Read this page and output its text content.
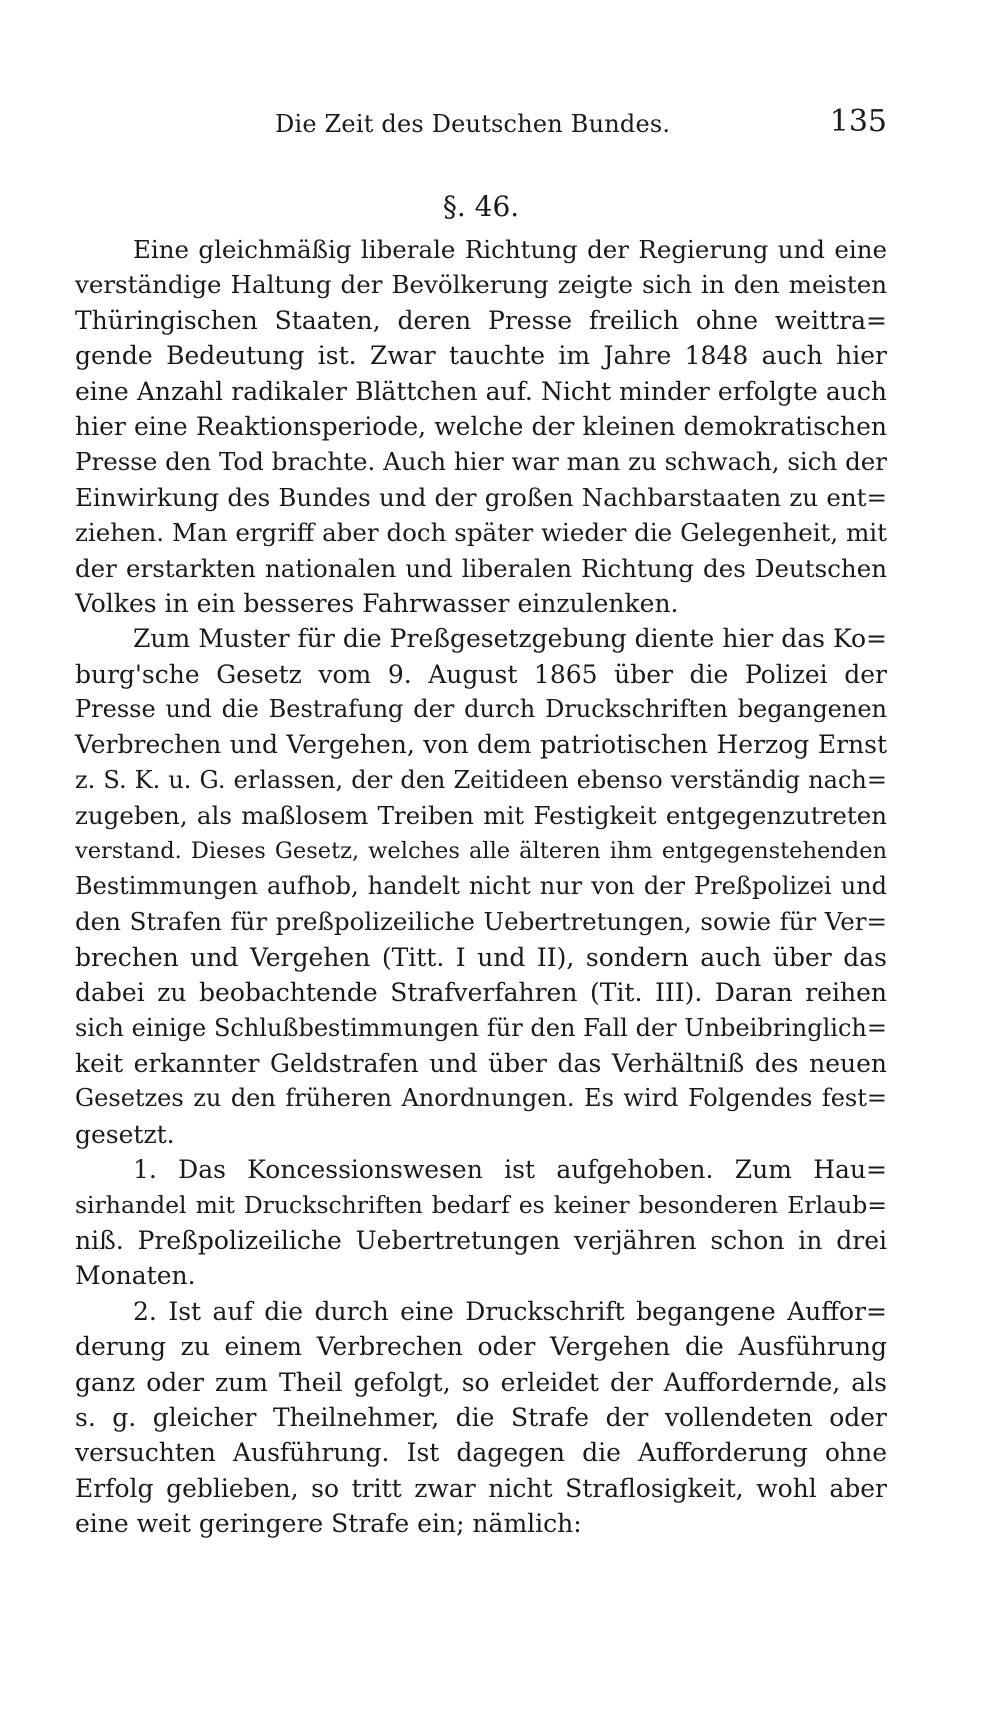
Die Zeit des Deutschen Bundes.	135
§. 46.
Eine gleichmäßig liberale Richtung der Regierung und eine
verständige Haltung der Bevölkerung zeigte sich in den meisten
Thüringischen Staaten, deren Presse freilich ohne weittra=
gende Bedeutung ist. Zwar tauchte im Jahre 1848 auch hier
eine Anzahl radikaler Blättchen auf. Nicht minder erfolgte auch
hier eine Reaktionsperiode, welche der kleinen demokratischen
Presse den Tod brachte. Auch hier war man zu schwach, sich der
Einwirkung des Bundes und der großen Nachbarstaaten zu ent=
ziehen. Man ergriff aber doch später wieder die Gelegenheit, mit
der erstarkten nationalen und liberalen Richtung des Deutschen
Volkes in ein besseres Fahrwasser einzulenken.
Zum Muster für die Preßgesetzgebung diente hier das Ko=
burg'sche Gesetz vom 9. August 1865 über die Polizei der
Presse und die Bestrafung der durch Druckschriften begangenen
Verbrechen und Vergehen, von dem patriotischen Herzog Ernst
z. S. K. u. G. erlassen, der den Zeitideen ebenso verständig nach=
zugeben, als maßlosem Treiben mit Festigkeit entgegenzutreten
verstand. Dieses Gesetz, welches alle älteren ihm entgegenstehenden
Bestimmungen aufhob, handelt nicht nur von der Preßpolizei und
den Strafen für preßpolizeiliche Uebertretungen, sowie für Ver=
brechen und Vergehen (Titt. I und II), sondern auch über das
dabei zu beobachtende Strafverfahren (Tit. III). Daran reihen
sich einige Schlußbestimmungen für den Fall der Unbeibringlich=
keit erkannter Geldstrafen und über das Verhältniß des neuen
Gesetzes zu den früheren Anordnungen. Es wird Folgendes fest=
gesetzt.
1. Das Koncessionswesen ist aufgehoben. Zum Hau=
sirhandel mit Druckschriften bedarf es keiner besonderen Erlaub=
niß. Preßpolizeiliche Uebertretungen verjähren schon in drei
Monaten.
2. Ist auf die durch eine Druckschrift begangene Auffor=
derung zu einem Verbrechen oder Vergehen die Ausführung
ganz oder zum Theil gefolgt, so erleidet der Auffordernde, als
s. g. gleicher Theilnehmer, die Strafe der vollendeten oder
versuchten Ausführung. Ist dagegen die Aufforderung ohne
Erfolg geblieben, so tritt zwar nicht Straflosigkeit, wohl aber
eine weit geringere Strafe ein; nämlich:
